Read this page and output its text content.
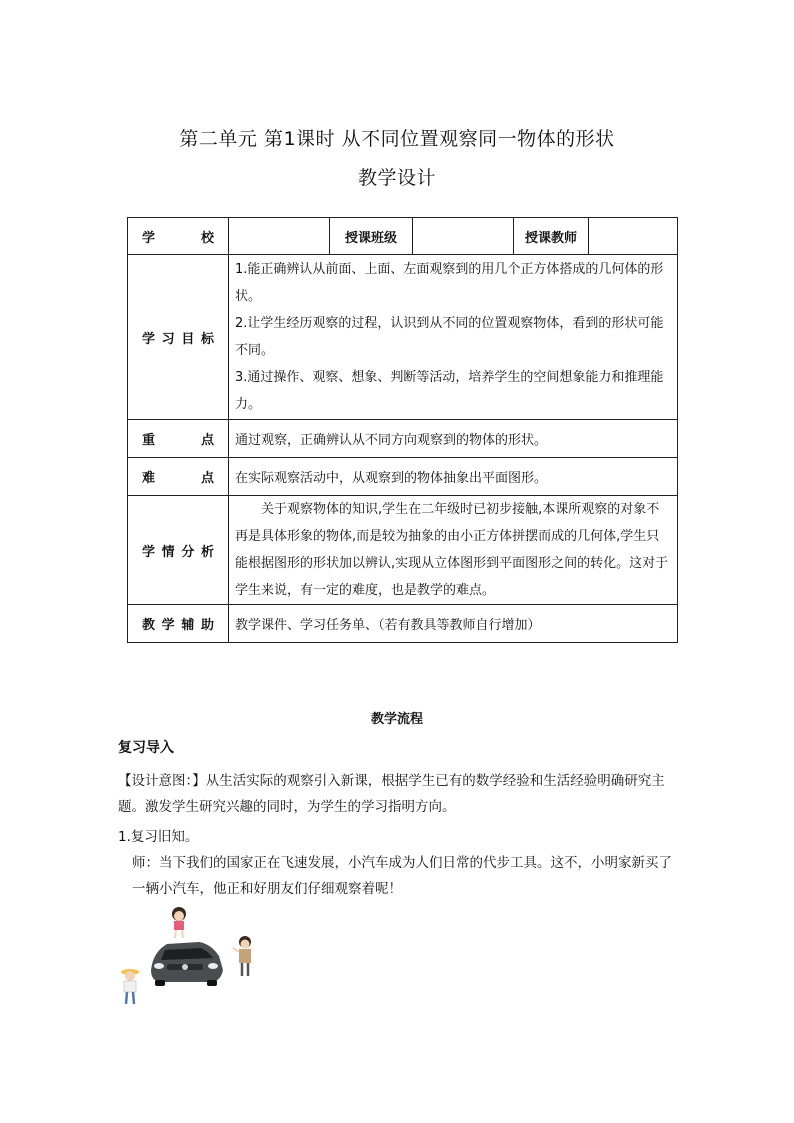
第二单元 第1课时 从不同位置观察同一物体的形状
教学设计
学 校		授课班级		授课教师	
学习目标	1.能正确辨认从前面、上面、左面观察到的用几个正方体搭成的几何体的形状。
2.让学生经历观察的过程，认识到从不同的位置观察物体，看到的形状可能不同。
3.通过操作、观察、想象、判断等活动，培养学生的空间想象能力和推理能力。				

重 点	通过观察，正确辨认从不同方向观察到的物体的形状。				
难 点	在实际观察活动中，从观察到的物体抽象出平面图形。				
学情分析	关于观察物体的知识,学生在二年级时已初步接触,本课所观察的对象不再是具体形象的物体,而是较为抽象的由小正方体拼摆而成的几何体,学生只能根据图形的形状加以辨认,实现从立体图形到平面图形之间的转化。这对于学生来说，有一定的难度，也是教学的难点。				
教学辅助	教学课件、学习任务单、（若有教具等教师自行增加）				
教学流程
复习导入
【设计意图：】从生活实际的观察引入新课，根据学生已有的数学经验和生活经验明确研究主题。激发学生研究兴趣的同时，为学生的学习指明方向。
1.复习旧知。
师：当下我们的国家正在飞速发展，小汽车成为人们日常的代步工具。这不，小明家新买了一辆小汽车，他正和好朋友们仔细观察着呢！
